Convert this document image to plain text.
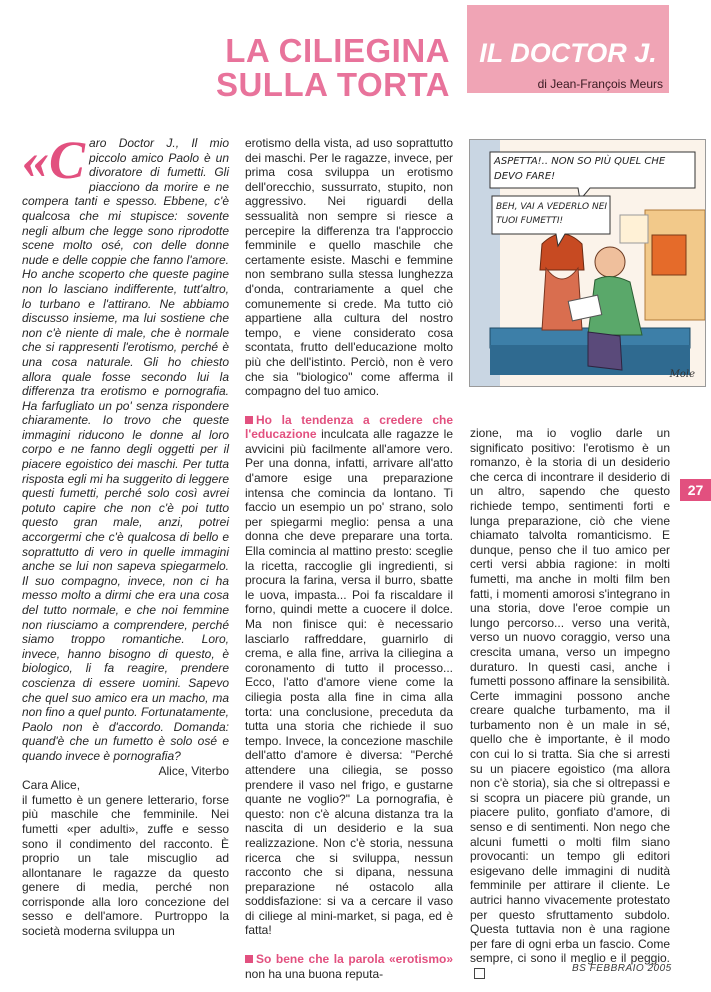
IL DOCTOR J.
di Jean-François Meurs
LA CILIEGINA
SULLA TORTA

«C aro Doctor J., Il mio piccolo amico Paolo è un divoratore di fumetti. Gli piacciono da morire e ne compera tanti e spesso. Ebbene, c'è qualcosa che mi stupisce: sovente negli album che legge sono riprodotte scene molto osé, con delle donne nude e delle coppie che fanno l'amore. Ho anche scoperto che queste pagine non lo lasciano indifferente, tutt'altro, lo turbano e l'attirano. Ne abbiamo discusso insieme, ma lui sostiene che non c'è niente di male, che è normale che si rappresenti l'erotismo, perché è una cosa naturale. Gli ho chiesto allora quale fosse secondo lui la differenza tra erotismo e pornografia. Ha farfugliato un po' senza rispondere chiaramente. Io trovo che queste immagini riducono le donne al loro corpo e ne fanno degli oggetti per il piacere egoistico dei maschi. Per tutta risposta egli mi ha suggerito di leggere questi fumetti, perché solo così avrei potuto capire che non c'è poi tutto questo gran male, anzi, potrei accorgermi che c'è qualcosa di bello e soprattutto di vero in quelle immagini anche se lui non sapeva spiegarmelo. Il suo compagno, invece, non ci ha messo molto a dirmi che era una cosa del tutto normale, e che noi femmine non riusciamo a comprendere, perché siamo troppo romantiche. Loro, invece, hanno bisogno di questo, è biologico, li fa reagire, prendere coscienza di essere uomini. Sapevo che quel suo amico era un macho, ma non fino a quel punto. Fortunatamente, Paolo non è d'accordo. Domanda: quand'è che un fumetto è solo osé e quando invece è pornografia?

Alice, Viterbo

Cara Alice,

il fumetto è un genere letterario, forse più maschile che femminile. Nei fumetti «per adulti», zuffe e sesso sono il condimento del racconto. È proprio un tale miscuglio ad allontanare le ragazze da questo genere di media, perché non corrisponde alla loro concezione del sesso e dell'amore. Purtroppo la società moderna sviluppa un

erotismo della vista, ad uso soprattutto dei maschi. Per le ragazze, invece, per prima cosa sviluppa un erotismo dell'orecchio, sussurrato, stupito, non aggressivo. Nei riguardi della sessualità non sempre si riesce a percepire la differenza tra l'approccio femminile e quello maschile che certamente esiste. Maschi e femmine non sembrano sulla stessa lunghezza d'onda, contrariamente a quel che comunemente si crede. Ma tutto ciò appartiene alla cultura del nostro tempo, e viene considerato cosa scontata, frutto dell'educazione molto più che dell'istinto. Perciò, non è vero che sia "biologico" come afferma il compagno del tuo amico.

Ho la tendenza a credere che l'educazione inculcata alle ragazze le avvicini più facilmente all'amore vero. Per una donna, infatti, arrivare all'atto d'amore esige una preparazione intensa che comincia da lontano. Ti faccio un esempio un po' strano, solo per spiegarmi meglio: pensa a una donna che deve preparare una torta. Ella comincia al mattino presto: sceglie la ricetta, raccoglie gli ingredienti, si procura la farina, versa il burro, sbatte le uova, impasta... Poi fa riscaldare il forno, quindi mette a cuocere il dolce. Ma non finisce qui: è necessario lasciarlo raffreddare, guarnirlo di crema, e alla fine, arriva la ciliegina a coronamento di tutto il processo... Ecco, l'atto d'amore viene come la ciliegia posta alla fine in cima alla torta: una conclusione, preceduta da tutta una storia che richiede il suo tempo. Invece, la concezione maschile dell'atto d'amore è diversa: "Perché attendere una ciliegia, se posso prendere il vaso nel frigo, e gustarne quante ne voglio?" La pornografia, è questo: non c'è alcuna distanza tra la nascita di un desiderio e la sua realizzazione. Non c'è storia, nessuna ricerca che si sviluppa, nessun racconto che si dipana, nessuna preparazione né ostacolo alla soddisfazione: si va a cercare il vaso di ciliege al mini-market, si paga, ed è fatta!

So bene che la parola «erotismo» non ha una buona reputa-

ASPETTA!.. NON SO PIÙ QUEL CHE DEVO FARE!
BEH, VAI A VEDERLO NEI TUOI FUMETTI!
Mole

zione, ma io voglio darle un significato positivo: l'erotismo è un romanzo, è la storia di un desiderio che cerca di incontrare il desiderio di un altro, sapendo che questo richiede tempo, sentimenti forti e lunga preparazione, ciò che viene chiamato talvolta romanticismo. E dunque, penso che il tuo amico per certi versi abbia ragione: in molti fumetti, ma anche in molti film ben fatti, i momenti amorosi s'integrano in una storia, dove l'eroe compie un lungo percorso... verso una verità, verso un nuovo coraggio, verso una crescita umana, verso un impegno duraturo. In questi casi, anche i fumetti possono affinare la sensibilità. Certe immagini possono anche creare qualche turbamento, ma il turbamento non è un male in sé, quello che è importante, è il modo con cui lo si tratta. Sia che si arresti su un piacere egoistico (ma allora non c'è storia), sia che si oltrepassi e si scopra un piacere più grande, un piacere pulito, gonfiato d'amore, di senso e di sentimenti. Non nego che alcuni fumetti o molti film siano provocanti: un tempo gli editori esigevano delle immagini di nudità femminile per attirare il cliente. Le autrici hanno vivacemente protestato per questo sfruttamento subdolo. Questa tuttavia non è una ragione per fare di ogni erba un fascio. Come sempre, ci sono il meglio e il peggio.

27
BS FEBBRAIO 2005
